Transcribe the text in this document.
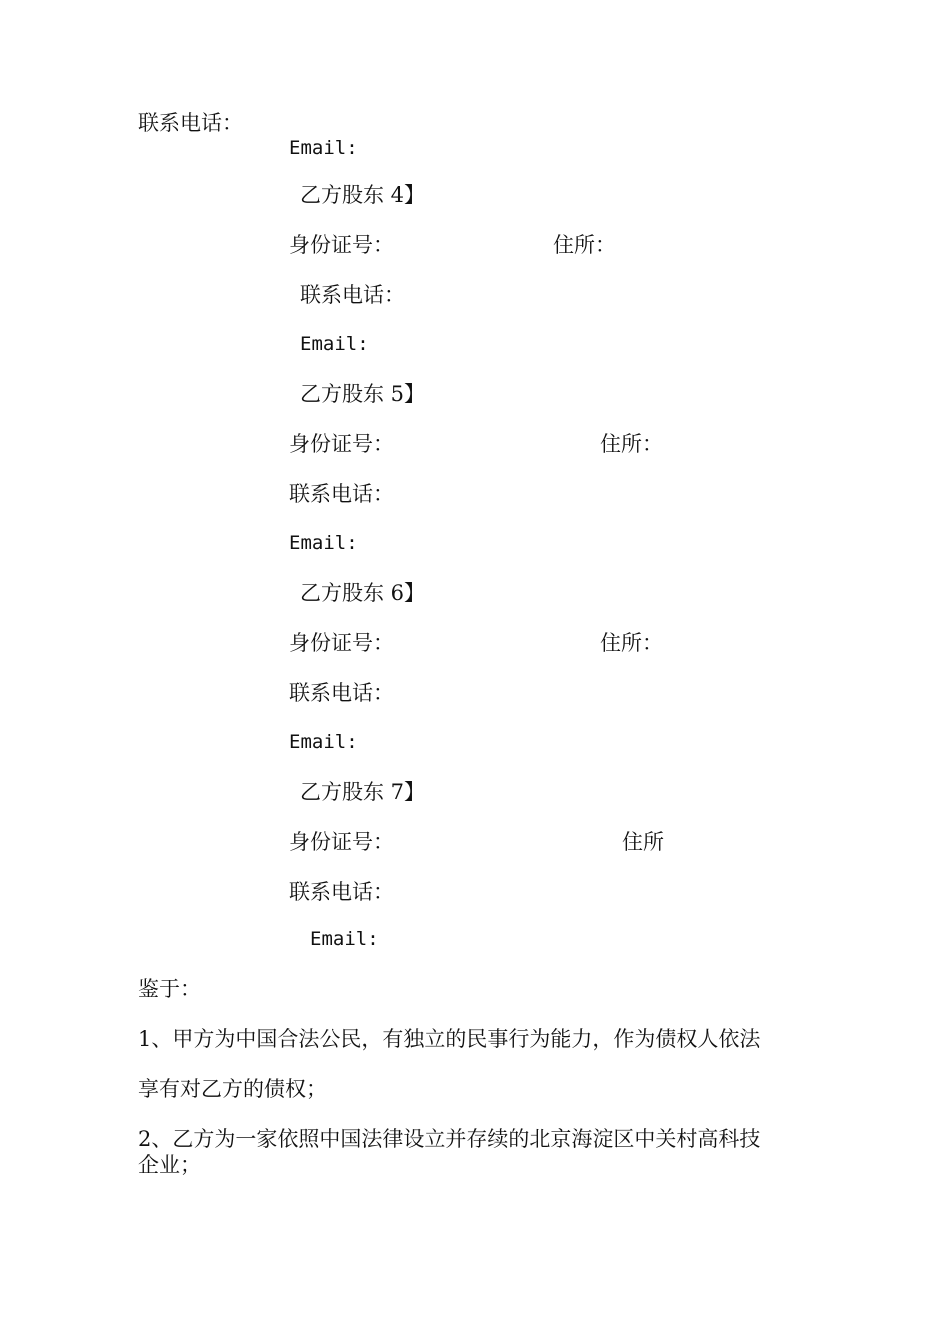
联系电话：

Email:

乙方股东 4】

身份证号：	住所：

联系电话：

Email:

乙方股东 5】

身份证号：	住所：

联系电话：

Email:

乙方股东 6】

身份证号：	住所：

联系电话：

Email:

乙方股东 7】

身份证号：	住所

联系电话：

Email:

鉴于：

1、甲方为中国合法公民，有独立的民事行为能力，作为债权人依法

享有对乙方的债权；

2、乙方为一家依照中国法律设立并存续的北京海淀区中关村高科技

企业；
